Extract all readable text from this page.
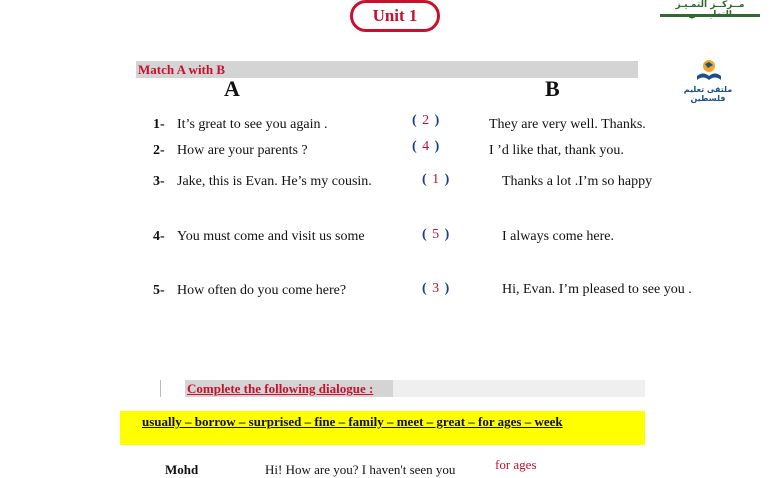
Unit 1
مــركــز التمـيـز التعليمــي
ملتقى تعليم فلسطين
Match A with B
A	B
1- It’s great to see you again .	( 2 )	They are very well. Thanks.
2- How are your parents ?	( 4 )	I ’d like that, thank you.
3- Jake, this is Evan. He’s my cousin.	( 1 )	Thanks a lot .I’m so happy
4- You must come and visit us some	( 5 )	I always come here.
5- How often do you come here?	( 3 )	Hi, Evan. I’m pleased to see you .
Complete the following dialogue :
usually – borrow – surprised – fine – family – meet – great – for ages – week
Mohd	Hi! How are you? I haven't seen you	for ages
